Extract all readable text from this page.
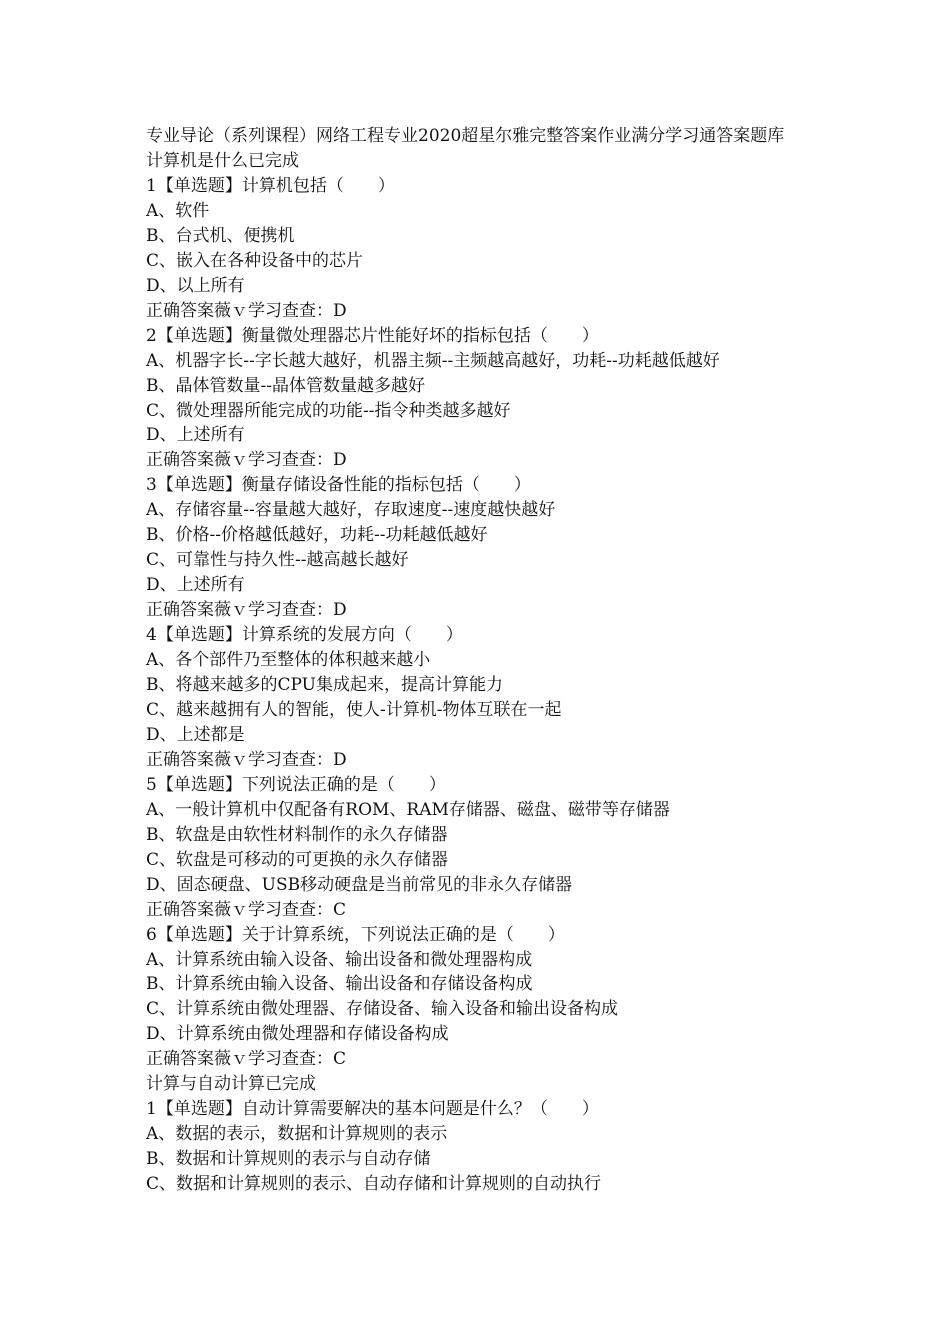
专业导论（系列课程）网络工程专业2020超星尔雅完整答案作业满分学习通答案题库

计算机是什么已完成

1【单选题】计算机包括（　　）

A、软件

B、台式机、便携机

C、嵌入在各种设备中的芯片

D、以上所有

正确答案薇ｖ学习查查：D

2【单选题】衡量微处理器芯片性能好坏的指标包括（　　）

A、机器字长--字长越大越好，机器主频--主频越高越好，功耗--功耗越低越好

B、晶体管数量--晶体管数量越多越好

C、微处理器所能完成的功能--指令种类越多越好

D、上述所有

正确答案薇ｖ学习查查：D

3【单选题】衡量存储设备性能的指标包括（　　）

A、存储容量--容量越大越好，存取速度--速度越快越好

B、价格--价格越低越好，功耗--功耗越低越好

C、可靠性与持久性--越高越长越好

D、上述所有

正确答案薇ｖ学习查查：D

4【单选题】计算系统的发展方向（　　）

A、各个部件乃至整体的体积越来越小

B、将越来越多的CPU集成起来，提高计算能力

C、越来越拥有人的智能，使人-计算机-物体互联在一起

D、上述都是

正确答案薇ｖ学习查查：D

5【单选题】下列说法正确的是（　　）

A、一般计算机中仅配备有ROM、RAM存储器、磁盘、磁带等存储器

B、软盘是由软性材料制作的永久存储器

C、软盘是可移动的可更换的永久存储器

D、固态硬盘、USB移动硬盘是当前常见的非永久存储器

正确答案薇ｖ学习查查：C

6【单选题】关于计算系统，下列说法正确的是（　　）

A、计算系统由输入设备、输出设备和微处理器构成

B、计算系统由输入设备、输出设备和存储设备构成

C、计算系统由微处理器、存储设备、输入设备和输出设备构成

D、计算系统由微处理器和存储设备构成

正确答案薇ｖ学习查查：C

计算与自动计算已完成

1【单选题】自动计算需要解决的基本问题是什么？（　　）

A、数据的表示，数据和计算规则的表示

B、数据和计算规则的表示与自动存储

C、数据和计算规则的表示、自动存储和计算规则的自动执行
